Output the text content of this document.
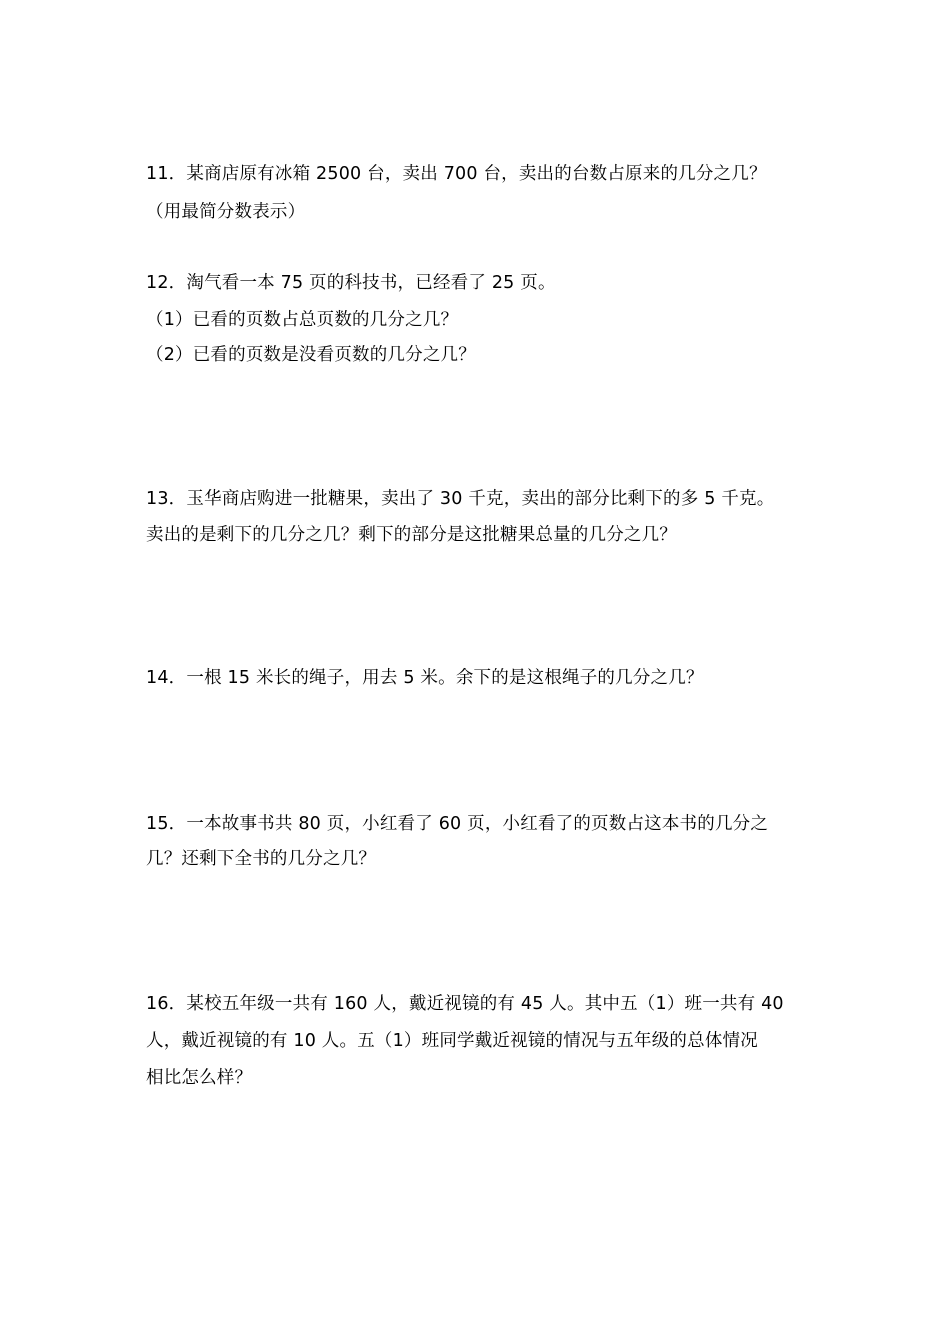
11．某商店原有冰箱 2500 台，卖出 700 台，卖出的台数占原来的几分之几？
（用最简分数表示）
12．淘气看一本 75 页的科技书，已经看了 25 页。
（1）已看的页数占总页数的几分之几？
（2）已看的页数是没看页数的几分之几？
13．玉华商店购进一批糖果，卖出了 30 千克，卖出的部分比剩下的多 5 千克。
卖出的是剩下的几分之几？剩下的部分是这批糖果总量的几分之几？
14．一根 15 米长的绳子，用去 5 米。余下的是这根绳子的几分之几？
15．一本故事书共 80 页，小红看了 60 页，小红看了的页数占这本书的几分之
几？还剩下全书的几分之几？
16．某校五年级一共有 160 人，戴近视镜的有 45 人。其中五（1）班一共有 40
人，戴近视镜的有 10 人。五（1）班同学戴近视镜的情况与五年级的总体情况
相比怎么样？
